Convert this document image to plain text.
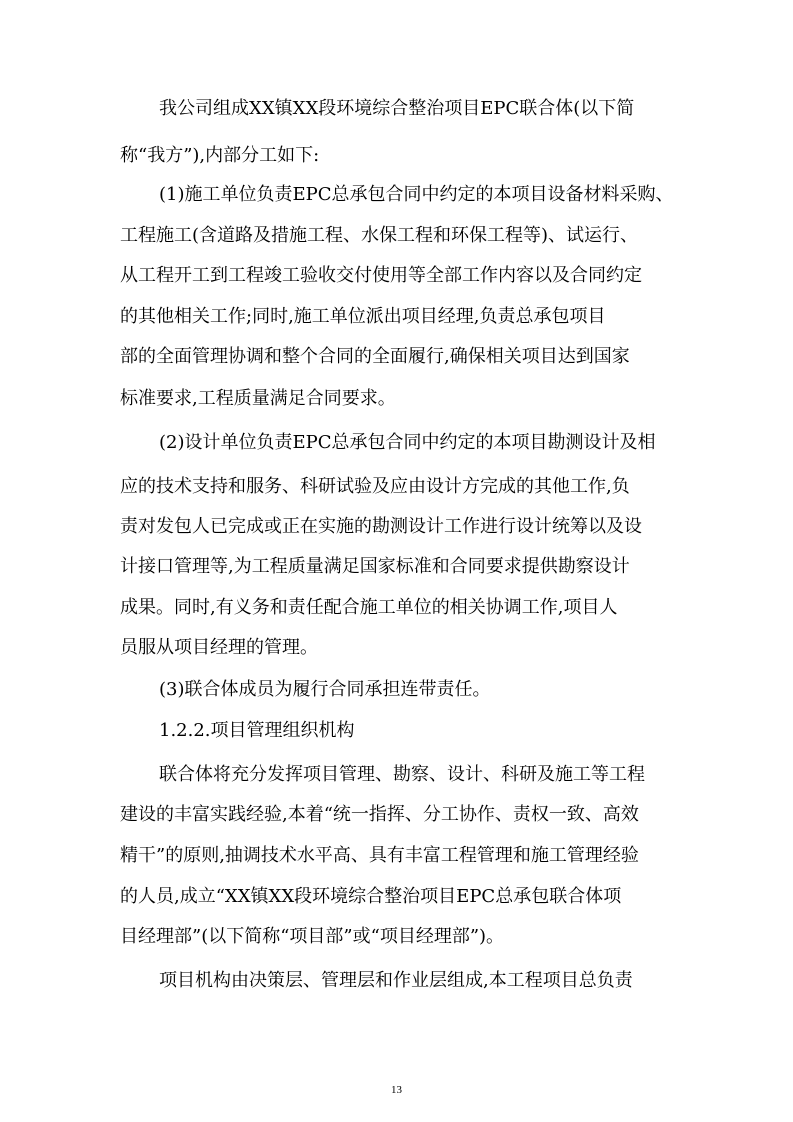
我公司组成XX镇XX段环境综合整治项目EPC联合体(以下简
称“我方”),内部分工如下:
(1)施工单位负责EPC总承包合同中约定的本项目设备材料采购、
工程施工(含道路及措施工程、水保工程和环保工程等)、试运行、
从工程开工到工程竣工验收交付使用等全部工作内容以及合同约定
的其他相关工作;同时,施工单位派出项目经理,负责总承包项目
部的全面管理协调和整个合同的全面履行,确保相关项目达到国家
标准要求,工程质量满足合同要求。
(2)设计单位负责EPC总承包合同中约定的本项目勘测设计及相
应的技术支持和服务、科研试验及应由设计方完成的其他工作,负
责对发包人已完成或正在实施的勘测设计工作进行设计统筹以及设
计接口管理等,为工程质量满足国家标准和合同要求提供勘察设计
成果。同时,有义务和责任配合施工单位的相关协调工作,项目人
员服从项目经理的管理。
(3)联合体成员为履行合同承担连带责任。
1.2.2.项目管理组织机构
联合体将充分发挥项目管理、勘察、设计、科研及施工等工程
建设的丰富实践经验,本着“统一指挥、分工协作、责权一致、高效
精干”的原则,抽调技术水平高、具有丰富工程管理和施工管理经验
的人员,成立“XX镇XX段环境综合整治项目EPC总承包联合体项
目经理部”(以下简称“项目部”或“项目经理部”)。
项目机构由决策层、管理层和作业层组成,本工程项目总负责
13
